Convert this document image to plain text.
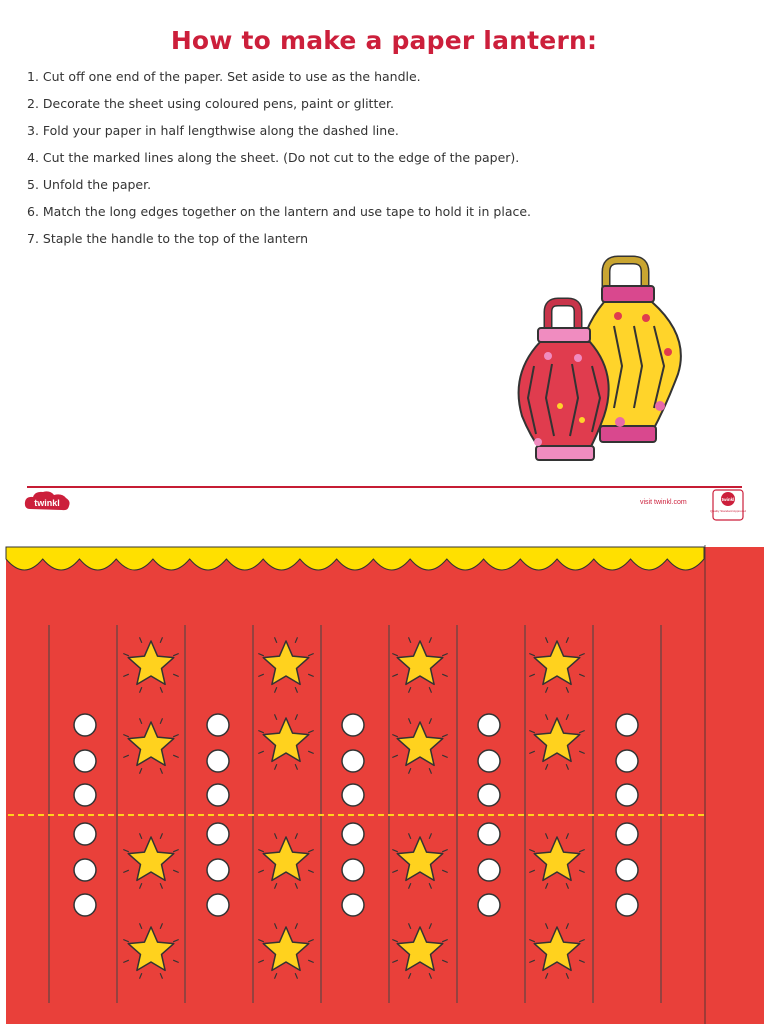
How to make a paper lantern:
1. Cut off one end of the paper. Set aside to use as the handle.
2. Decorate the sheet using coloured pens, paint or glitter.
3. Fold your paper in half lengthwise along the dashed line.
4. Cut the marked lines along the sheet. (Do not cut to the edge of the paper).
5. Unfold the paper.
6. Match the long edges together on the lantern and use tape to hold it in place.
7. Staple the handle to the top of the lantern
twinkl	visit twinkl.com	twinkl
Quality Standard Approved
